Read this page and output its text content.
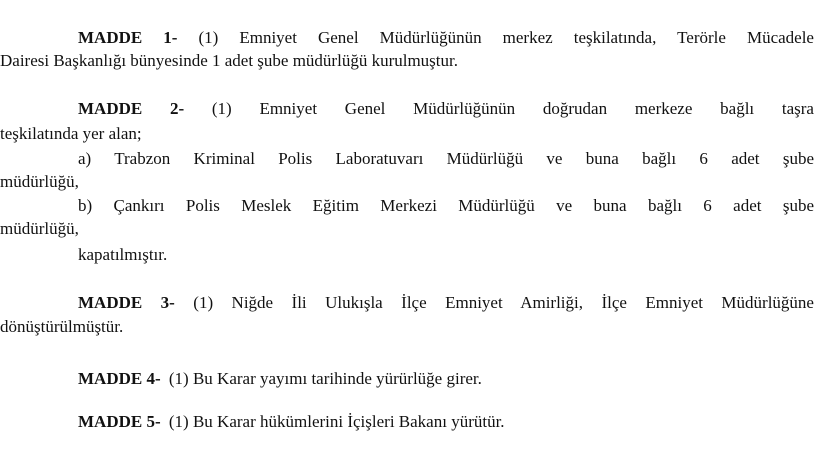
MADDE 1- (1) Emniyet Genel Müdürlüğünün merkez teşkilatında, Terörle Mücadele
Dairesi Başkanlığı bünyesinde 1 adet şube müdürlüğü kurulmuştur.
MADDE 2- (1) Emniyet Genel Müdürlüğünün doğrudan merkeze bağlı taşra
teşkilatında yer alan;
a) Trabzon Kriminal Polis Laboratuvarı Müdürlüğü ve buna bağlı 6 adet şube
müdürlüğü,
b) Çankırı Polis Meslek Eğitim Merkezi Müdürlüğü ve buna bağlı 6 adet şube
müdürlüğü,
kapatılmıştır.
MADDE 3- (1) Niğde İli Ulukışla İlçe Emniyet Amirliği, İlçe Emniyet Müdürlüğüne
dönüştürülmüştür.
MADDE 4- (1) Bu Karar yayımı tarihinde yürürlüğe girer.
MADDE 5- (1) Bu Karar hükümlerini İçişleri Bakanı yürütür.
